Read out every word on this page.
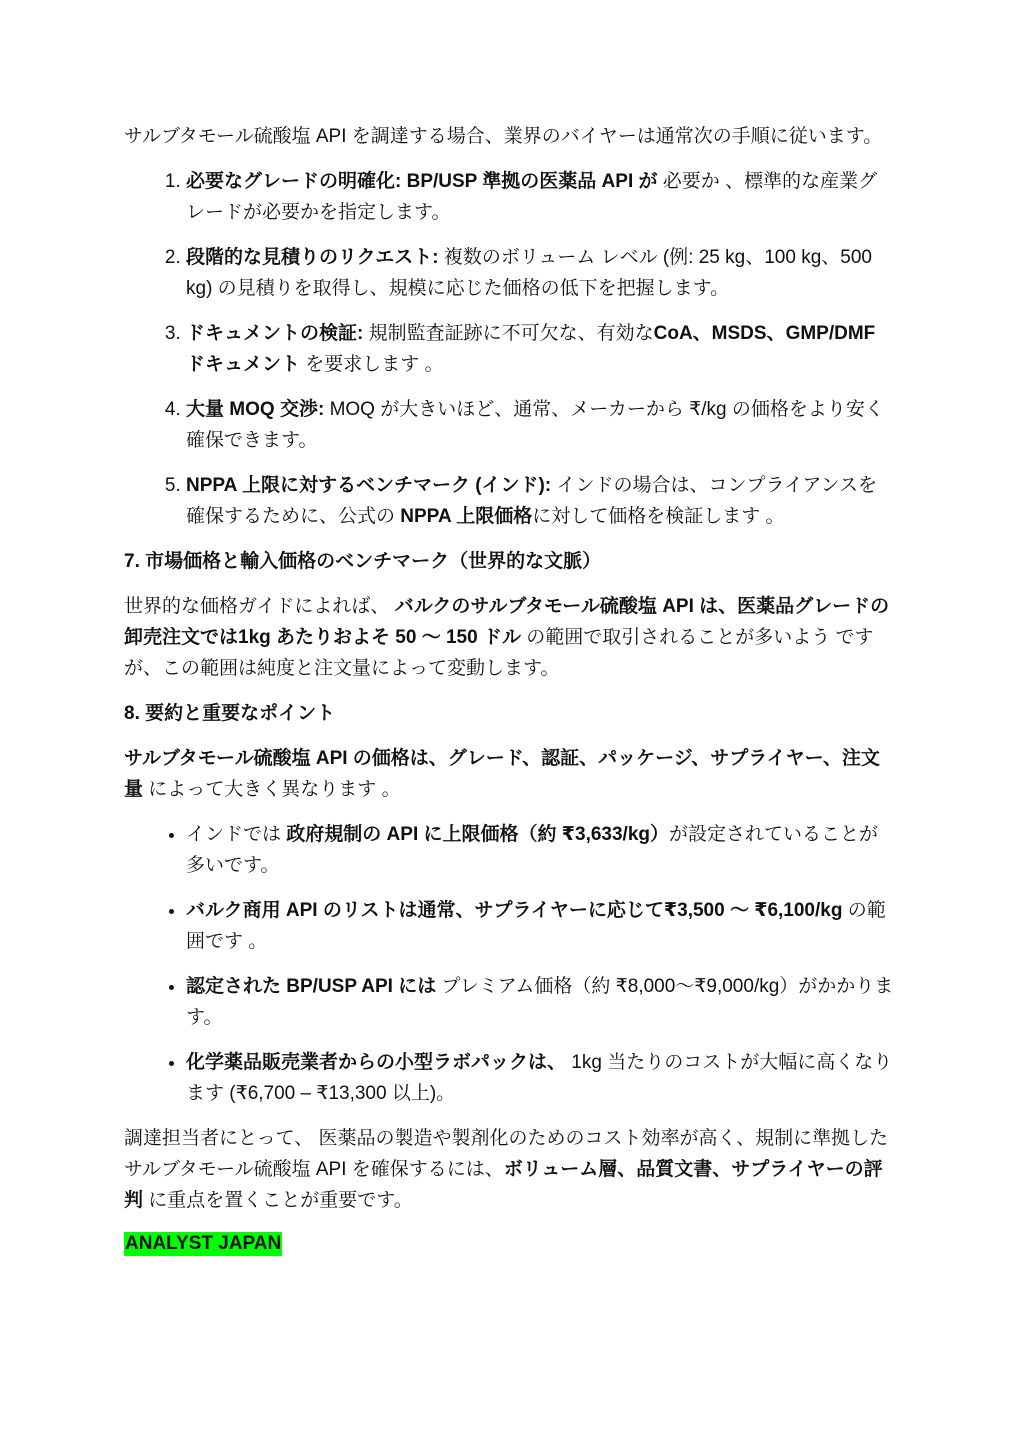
サルブタモール硫酸塩 API を調達する場合、業界のバイヤーは通常次の手順に従います。

1. 必要なグレードの明確化: BP/USP 準拠の医薬品 API が 必要か 、標準的な産業グレードが必要かを指定します。
2. 段階的な見積りのリクエスト: 複数のボリューム レベル (例: 25 kg、100 kg、500 kg) の見積りを取得し、規模に応じた価格の低下を把握します。
3. ドキュメントの検証: 規制監査証跡に不可欠な、有効なCoA、MSDS、GMP/DMF ドキュメント を要求します 。
4. 大量 MOQ 交渉: MOQ が大きいほど、通常、メーカーから ₹/kg の価格をより安く確保できます。
5. NPPA 上限に対するベンチマーク (インド): インドの場合は、コンプライアンスを確保するために、公式の NPPA 上限価格に対して価格を検証します 。

7. 市場価格と輸入価格のベンチマーク（世界的な文脈）

世界的な価格ガイドによれば、 バルクのサルブタモール硫酸塩 API は、医薬品グレードの卸売注文では1kg あたりおよそ 50 ～ 150 ドル の範囲で取引されることが多いよう ですが、この範囲は純度と注文量によって変動します。

8. 要約と重要なポイント

サルブタモール硫酸塩 API の価格は、グレード、認証、パッケージ、サプライヤー、注文量 によって大きく異なります 。

• インドでは 政府規制の API に上限価格（約 ₹3,633/kg）が設定されていることが多いです。
• バルク商用 API のリストは通常、サプライヤーに応じて₹3,500 ～ ₹6,100/kg の範囲です 。
• 認定された BP/USP API には プレミアム価格（約 ₹8,000～₹9,000/kg）がかかります。
• 化学薬品販売業者からの小型ラボパックは、 1kg 当たりのコストが大幅に高くなります (₹6,700 – ₹13,300 以上)。

調達担当者にとって、 医薬品の製造や製剤化のためのコスト効率が高く、規制に準拠したサルブタモール硫酸塩 API を確保するには、ボリューム層、品質文書、サプライヤーの評判 に重点を置くことが重要です。

ANALYST JAPAN
